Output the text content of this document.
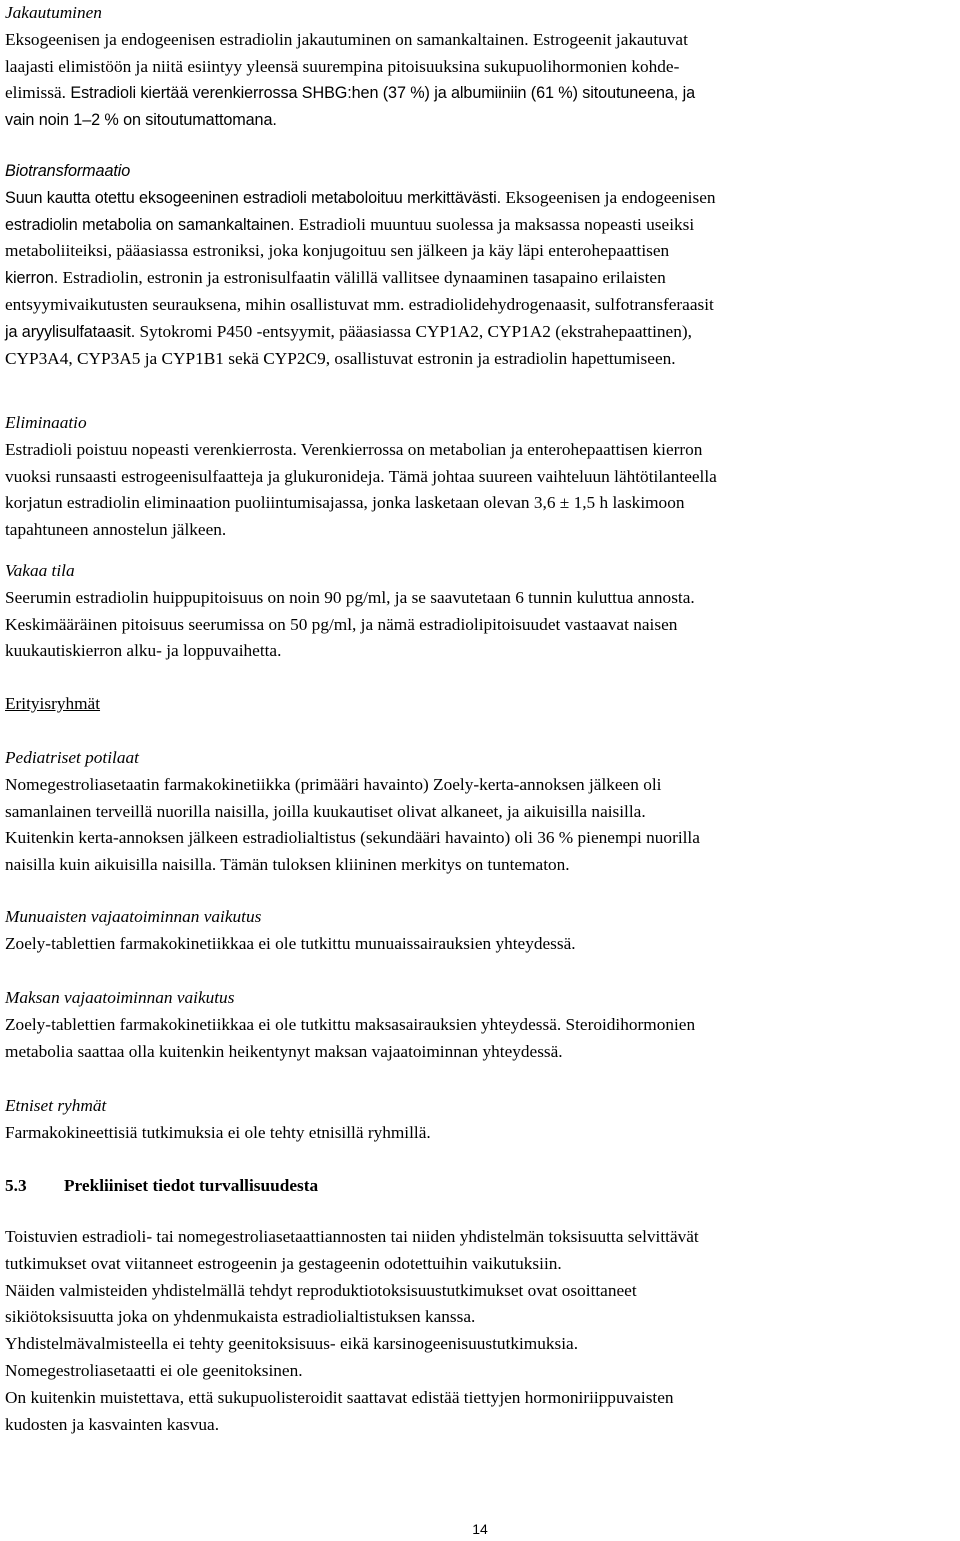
Jakautuminen

Eksogeenisen ja endogeenisen estradiolin jakautuminen on samankaltainen. Estrogeenit jakautuvat

laajasti elimistöön ja niitä esiintyy yleensä suurempina pitoisuuksina sukupuolihormonien kohde-

elimissä. Estradioli kiertää verenkierrossa SHBG:hen (37 %) ja albumiiniin (61 %) sitoutuneena, ja

vain noin 1–2 % on sitoutumattomana.

Biotransformaatio

Suun kautta otettu eksogeeninen estradioli metaboloituu merkittävästi. Eksogeenisen ja endogeenisen

estradiolin metabolia on samankaltainen. Estradioli muuntuu suolessa ja maksassa nopeasti useiksi

metaboliiteiksi, pääasiassa estroniksi, joka konjugoituu sen jälkeen ja käy läpi enterohepaattisen

kierron. Estradiolin, estronin ja estronisulfaatin välillä vallitsee dynaaminen tasapaino erilaisten

entsyymivaikutusten seurauksena, mihin osallistuvat mm. estradiolidehydrogenaasit, sulfotransferaasit

ja aryylisulfataasit. Sytokromi P450 -entsyymit, pääasiassa CYP1A2, CYP1A2 (ekstrahepaattinen),

CYP3A4, CYP3A5 ja CYP1B1 sekä CYP2C9, osallistuvat estronin ja estradiolin hapettumiseen.

Eliminaatio

Estradioli poistuu nopeasti verenkierrosta. Verenkierrossa on metabolian ja enterohepaattisen kierron

vuoksi runsaasti estrogeenisulfaatteja ja glukuronideja. Tämä johtaa suureen vaihteluun lähtötilanteella

korjatun estradiolin eliminaation puoliintumisajassa, jonka lasketaan olevan 3,6 ± 1,5 h laskimoon

tapahtuneen annostelun jälkeen.

Vakaa tila

Seerumin estradiolin huippupitoisuus on noin 90 pg/ml, ja se saavutetaan 6 tunnin kuluttua annosta.

Keskimääräinen pitoisuus seerumissa on 50 pg/ml, ja nämä estradiolipitoisuudet vastaavat naisen

kuukautiskierron alku- ja loppuvaihetta.

Erityisryhmät

Pediatriset potilaat

Nomegestroliasetaatin farmakokinetiikka (primääri havainto) Zoely-kerta-annoksen jälkeen oli

samanlainen terveillä nuorilla naisilla, joilla kuukautiset olivat alkaneet, ja aikuisilla naisilla.

Kuitenkin kerta-annoksen jälkeen estradiolialtistus (sekundääri havainto) oli 36 % pienempi nuorilla

naisilla kuin aikuisilla naisilla. Tämän tuloksen kliininen merkitys on tuntematon.

Munuaisten vajaatoiminnan vaikutus

Zoely-tablettien farmakokinetiikkaa ei ole tutkittu munuaissairauksien yhteydessä.

Maksan vajaatoiminnan vaikutus

Zoely-tablettien farmakokinetiikkaa ei ole tutkittu maksasairauksien yhteydessä. Steroidihormonien

metabolia saattaa olla kuitenkin heikentynyt maksan vajaatoiminnan yhteydessä.

Etniset ryhmät

Farmakokineettisiä tutkimuksia ei ole tehty etnisillä ryhmillä.

5.3 Prekliiniset tiedot turvallisuudesta

Toistuvien estradioli- tai nomegestroliasetaattiannosten tai niiden yhdistelmän toksisuutta selvittävät

tutkimukset ovat viitanneet estrogeenin ja gestageenin odotettuihin vaikutuksiin.

Näiden valmisteiden yhdistelmällä tehdyt reproduktiotoksisuustutkimukset ovat osoittaneet

sikiötoksisuutta joka on yhdenmukaista estradiolialtistuksen kanssa.

Yhdistelmävalmisteella ei tehty geenitoksisuus- eikä karsinogeenisuustutkimuksia.

Nomegestroliasetaatti ei ole geenitoksinen.

On kuitenkin muistettava, että sukupuolisteroidit saattavat edistää tiettyjen hormoniriippuvaisten

kudosten ja kasvainten kasvua.

14
